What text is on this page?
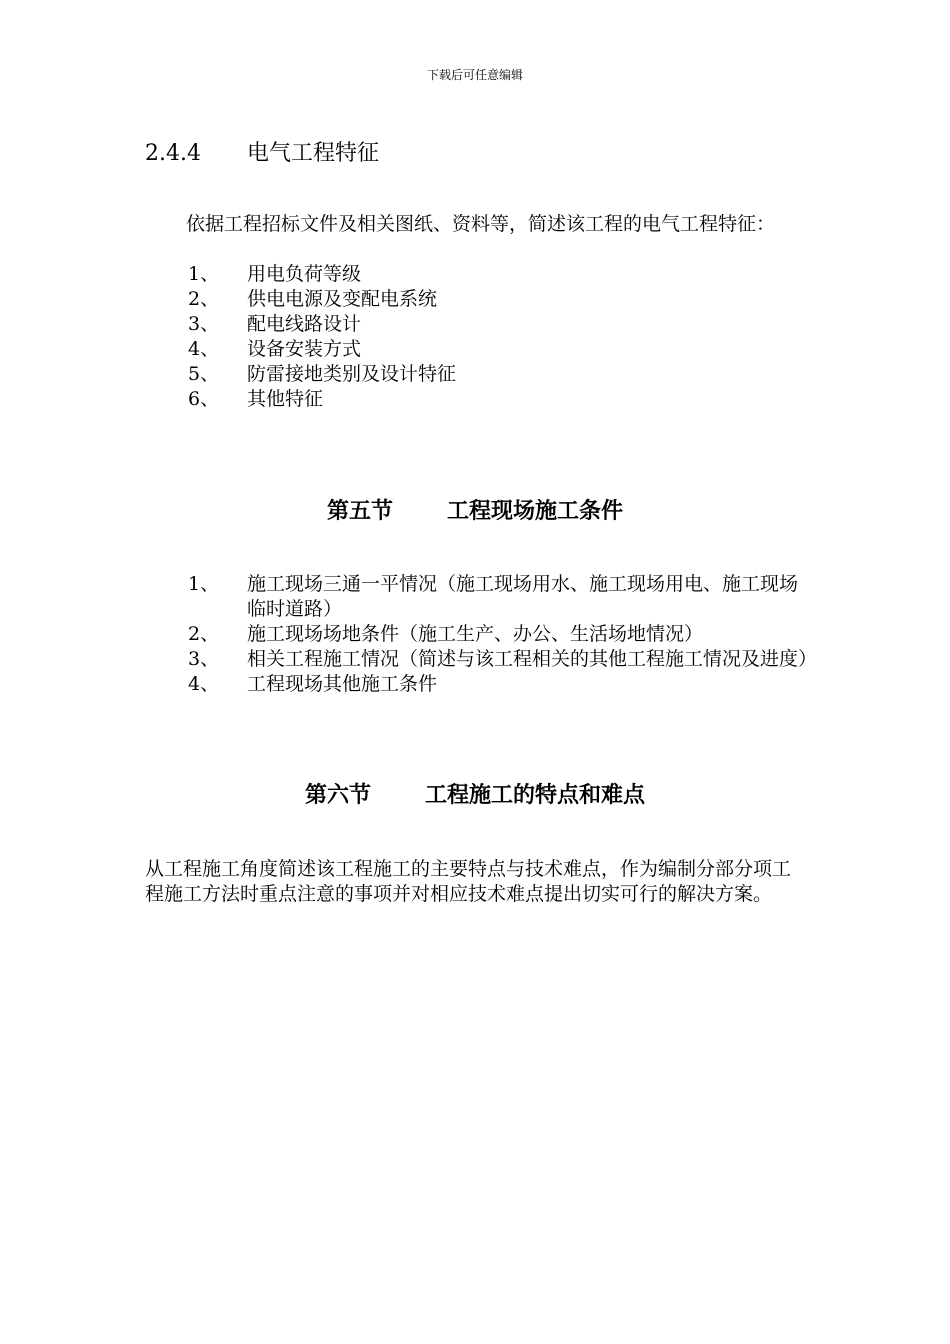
下载后可任意编辑
2.4.4 电气工程特征
依据工程招标文件及相关图纸、资料等，简述该工程的电气工程特征：
1、 用电负荷等级
2、 供电电源及变配电系统
3、 配电线路设计
4、 设备安装方式
5、 防雷接地类别及设计特征
6、 其他特征
第五节 工程现场施工条件
1、 施工现场三通一平情况（施工现场用水、施工现场用电、施工现场临时道路）
2、 施工现场场地条件（施工生产、办公、生活场地情况）
3、 相关工程施工情况（简述与该工程相关的其他工程施工情况及进度）
4、 工程现场其他施工条件
第六节 工程施工的特点和难点
从工程施工角度简述该工程施工的主要特点与技术难点，作为编制分部分项工程施工方法时重点注意的事项并对相应技术难点提出切实可行的解决方案。
